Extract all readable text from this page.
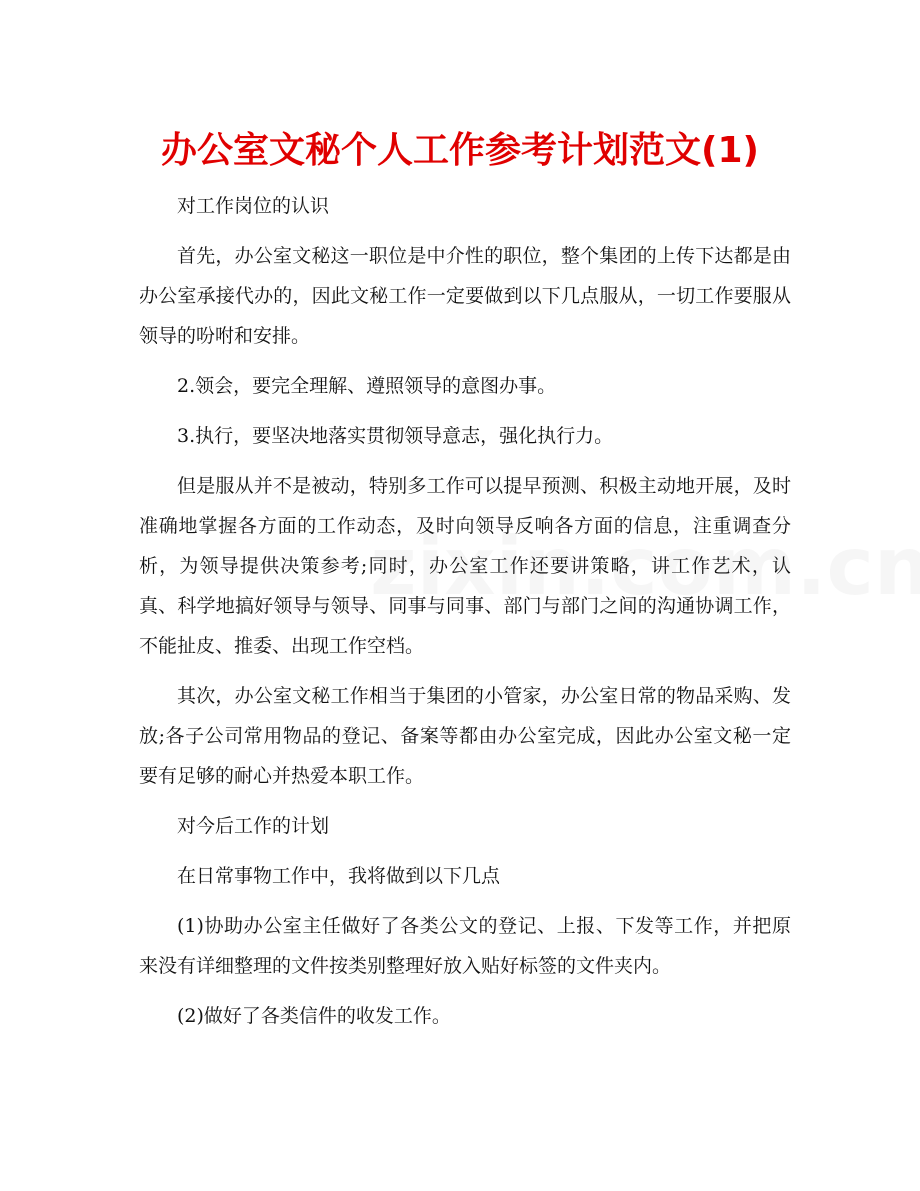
办公室文秘个人工作参考计划范文(1)

对工作岗位的认识

首先，办公室文秘这一职位是中介性的职位，整个集团的上传下达都是由办公室承接代办的，因此文秘工作一定要做到以下几点服从，一切工作要服从领导的吩咐和安排。

2.领会，要完全理解、遵照领导的意图办事。

3.执行，要坚决地落实贯彻领导意志，强化执行力。

但是服从并不是被动，特别多工作可以提早预测、积极主动地开展，及时准确地掌握各方面的工作动态，及时向领导反响各方面的信息，注重调查分析，为领导提供决策参考;同时，办公室工作还要讲策略，讲工作艺术，认真、科学地搞好领导与领导、同事与同事、部门与部门之间的沟通协调工作，不能扯皮、推委、出现工作空档。

其次，办公室文秘工作相当于集团的小管家，办公室日常的物品采购、发放;各子公司常用物品的登记、备案等都由办公室完成，因此办公室文秘一定要有足够的耐心并热爱本职工作。

对今后工作的计划

在日常事物工作中，我将做到以下几点

(1)协助办公室主任做好了各类公文的登记、上报、下发等工作，并把原来没有详细整理的文件按类别整理好放入贴好标签的文件夹内。

(2)做好了各类信件的收发工作。
